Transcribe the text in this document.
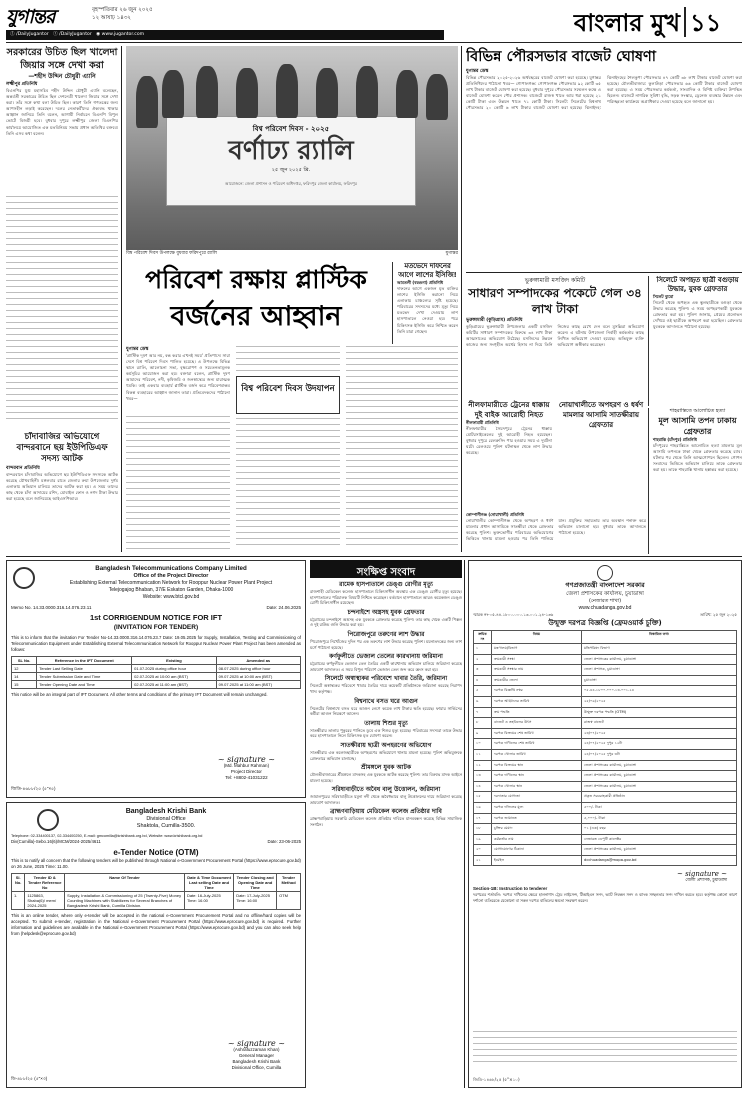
যুগান্তর	বৃহস্পতিবার ২৬ জুন ২০২৫
১২ আষাঢ় ১৪৩২
ⓕ /DailyJugantor ⓣ /DailyJugantor ◉ www.jugantor.com	বাংলার মুখ ১১
সরকারের উচিত ছিল খালেদা জিয়ার সঙ্গে দেখা করা
—শহীদ উদ্দিন চৌধুরী এ্যানি
লক্ষ্মীপুর প্রতিনিধি
বিএনপির যুগ্ম মহাসচিব শহীদ উদ্দিন চৌধুরী এ্যানি বলেছেন, অন্তর্বর্তী সরকারের উচিত ছিল দেশনেত্রী খালেদা জিয়ার সঙ্গে দেখা করা। তাঁর সঙ্গে কথা বলা উচিত ছিল। কারণ তিনি গণতন্ত্রের জন্য আপসহীন লড়াই করেছেন। দলের নেতাকর্মীদের ঐক্যবদ্ধ থাকার আহ্বান জানিয়ে তিনি বলেন, আগামী নির্বাচনে বিএনপি বিপুল ভোটে বিজয়ী হবে। বুধবার দুপুরে লক্ষ্মীপুর জেলা বিএনপির কার্যালয়ে আয়োজিত এক মতবিনিময় সভায় প্রধান অতিথির বক্তব্যে তিনি এসব কথা বলেন।
চাঁদাবাজির অভিযোগে বান্দরবানে ছয় ইউপিডিএফ সদস্য আটক
বান্দরবান প্রতিনিধি
বান্দরবানে চাঁদাবাজির অভিযোগে ছয় ইউপিডিএফ সদস্যকে আটক করেছে যৌথবাহিনী। মঙ্গলবার রাতে জেলার রুমা উপজেলার দুর্গম এলাকায় অভিযান চালিয়ে তাদের আটক করা হয়। এ সময় তাদের কাছ থেকে চাঁদা আদায়ের রশিদ, মোবাইল ফোন ও নগদ টাকা উদ্ধার করা হয়েছে বলে জানিয়েছে আইএসপিআর।
বিশ্ব পরিবেশ দিবস - ২০২৫
বর্ণাঢ্য র‌্যালি
২৫ জুন ২০২৫ খ্রি.
আয়োজনে: জেলা প্রশাসন ও পরিবেশ অধিদপ্তর, ফরিদপুর জেলা কার্যালয়, ফরিদপুর
বিশ্ব পরিবেশ দিবস উপলক্ষে বুধবার ফরিদপুরে র‌্যালি	যুগান্তর
পরিবেশ রক্ষায় প্লাস্টিক
বর্জনের আহ্বান
যুগান্তর ডেস্ক
'প্লাস্টিক দূষণ আর নয়, বন্ধ করার এখনই সময়' প্রতিপাদ্যে সারা দেশে বিশ্ব পরিবেশ দিবস পালিত হয়েছে। এ উপলক্ষে বিভিন্ন স্থানে র‌্যালি, আলোচনা সভা, বৃক্ষরোপণ ও সচেতনতামূলক কর্মসূচির আয়োজন করা হয়। বক্তারা বলেন, প্লাস্টিক দূষণ আমাদের পরিবেশ, নদী, কৃষিজমি ও জনস্বাস্থ্যের জন্য মারাত্মক হুমকি। তাই একবার ব্যবহার্য প্লাস্টিক বর্জন করে পরিবেশবান্ধব বিকল্প ব্যবহারের আহ্বান জানান তারা। প্রতিবেদকদের পাঠানো খবর—
বিশ্ব পরিবেশ দিবস উদযাপন
মতভেদে দাফনের আগে লাশের ইসিজি!
আমতলী (বরগুনা) প্রতিনিধি
দাফনের আগে একজন মৃত ব্যক্তির লাশের ইসিজি করানো নিয়ে এলাকায় চাঞ্চল্যের সৃষ্টি হয়েছে। পরিবারের সদস্যদের মধ্যে মৃত্যু নিয়ে মতভেদ দেখা দেওয়ায় লাশ হাসপাতালে নেওয়া হয়। পরে চিকিৎসক ইসিজি করে নিশ্চিত করেন তিনি মারা গেছেন।
বিভিন্ন পৌরসভার বাজেট ঘোষণা
যুগান্তর ডেস্ক
বিভিন্ন পৌরসভার ২০২৫-২০২৬ অর্থবছরের বাজেট ঘোষণা করা হয়েছে। যুগান্তর প্রতিনিধিদের পাঠানো খবর— গোপালগঞ্জ: গোপালগঞ্জ পৌরসভার ৯২ কোটি ৩৫ লাখ টাকার বাজেট ঘোষণা করা হয়েছে। বুধবার দুপুরে পৌরসভার সম্মেলন কক্ষে এ বাজেট ঘোষণা করেন পৌর প্রশাসক। বাজেটে রাজস্ব খাতে আয় ধরা হয়েছে ২১ কোটি টাকা এবং উন্নয়ন খাতে ৭১ কোটি টাকা। সিলেট: সিলেটের বিশ্বনাথ পৌরসভার ২০ কোটি ৬ লাখ টাকার বাজেট ঘোষণা করা হয়েছে। ঝিনাইদহ: ঝিনাইদহের শৈলকুপা পৌরসভার ৪৭ কোটি ৩৮ লাখ টাকার বাজেট ঘোষণা করা হয়েছে। মৌলভীবাজার: কুলাউড়া পৌরসভার ৬৬ কোটি টাকার বাজেট ঘোষণা করা হয়েছে। এ সময় পৌরসভার কর্মকর্তা, সাংবাদিক ও বিশিষ্ট ব্যক্তিরা উপস্থিত ছিলেন। বাজেটে নাগরিক সুবিধা বৃদ্ধি, সড়ক সংস্কার, ড্রেনেজ ব্যবস্থার উন্নয়ন এবং পরিচ্ছন্নতা কার্যক্রমে অগ্রাধিকার দেওয়া হয়েছে বলে জানানো হয়।
ভুরুঙ্গামারী মসজিদ কমিটি
সাধারণ সম্পাদকের পকেটে গেল ৩৪ লাখ টাকা
ভুরুঙ্গামারী (কুড়িগ্রাম) প্রতিনিধি
কুড়িগ্রামের ভুরুঙ্গামারী উপজেলার একটি মসজিদ কমিটির সাধারণ সম্পাদকের বিরুদ্ধে ৩৪ লাখ টাকা আত্মসাতের অভিযোগ উঠেছে। মসজিদের উন্নয়ন কাজের জন্য সংগৃহীত অর্থের হিসাব না দিয়ে তিনি নিজের কাছে রেখে দেন বলে মুসল্লিরা অভিযোগ করেন। এ ঘটনায় উপজেলা নির্বাহী কর্মকর্তার কাছে লিখিত অভিযোগ দেওয়া হয়েছে। অভিযুক্ত ব্যক্তি অভিযোগ অস্বীকার করেছেন।
সিলেটে অপহৃত ছাত্রী বগুড়ায় উদ্ধার, যুবক গ্রেফতার
সিলেট ব্যুরো
সিলেট থেকে অপহৃত এক স্কুলছাত্রীকে বগুড়া থেকে উদ্ধার করেছে পুলিশ। এ সময় অপহরণকারী যুবককে গ্রেফতার করা হয়। পুলিশ জানায়, প্রেমের প্রলোভন দেখিয়ে ওই ছাত্রীকে অপহরণ করা হয়েছিল। গ্রেফতার যুবককে আদালতে পাঠানো হয়েছে।
নীলফামারীতে ট্রেনের ধাক্কায় দুই বাইক আরোহী নিহত
নীলফামারী প্রতিনিধি
নীলফামারীর সৈয়দপুরে ট্রেনের ধাক্কায় মোটরসাইকেলের দুই আরোহী নিহত হয়েছেন। বুধবার দুপুরে রেলক্রসিং পার হওয়ার সময় এ দুর্ঘটনা ঘটে। রেলওয়ে পুলিশ ঘটনাস্থল থেকে লাশ উদ্ধার করেছে।
নোয়াখালীতে অপহরণ ও ধর্ষণ মামলার আসামি সাতক্ষীরায় গ্রেফতার
কোম্পানীগঞ্জ (নোয়াখালী) প্রতিনিধি
নোয়াখালীর কোম্পানীগঞ্জ থেকে অপহরণ ও ধর্ষণ মামলার প্রধান আসামিকে সাতক্ষীরা থেকে গ্রেফতার করেছে পুলিশ। ভুক্তভোগীর পরিবারের অভিযোগের ভিত্তিতে থানায় মামলা হওয়ার পর তিনি পালিয়ে যান। প্রযুক্তির সহায়তায় তার অবস্থান শনাক্ত করে অভিযান চালানো হয়। বুধবার তাকে আদালতে পাঠানো হয়েছে।
শাহরাস্তিতে আলোচিত হত্যা
মূল আসামি তপন ঢাকায় গ্রেফতার
শাহরাস্তি (চাঁদপুর) প্রতিনিধি
চাঁদপুরের শাহরাস্তিতে আলোচিত হত্যা মামলার মূল আসামি তপনকে ঢাকা থেকে গ্রেফতার করেছে র‌্যাব। ঘটনার পর থেকে তিনি আত্মগোপনে ছিলেন। গোপন সংবাদের ভিত্তিতে অভিযান চালিয়ে তাকে গ্রেফতার করা হয়। তাকে শাহরাস্তি থানায় হস্তান্তর করা হয়েছে।
Bangladesh Telecommunications Company Limited
Office of the Project Director
Establishing External Telecommunication Network for Rooppur Nuclear Power Plant Project
Telejogajog Bhaban, 37/E Eskaton Garden, Dhaka-1000
Website: www.btcl.gov.bd
Memo No. 14.33.0000.316.14.076.23.11	Date: 24.06.2025
1st CORRIGENDUM NOTICE FOR IFT
(INVITATION FOR TENDER)
This is to inform that the invitation For Tender No-14.33.0000.316.14.076.23.7 Date: 19.05.2025 for Supply, Installation, Testing and Commissioning of Telecommunication Equipment under Establishing External Telecommunication Network for Rooppur Nuclear Power Plant Project has been amended as follows:
SL No.	Reference in the IFT Document	Existing	Amended as
12	Tender Last Selling Date	01.07.2025 during office hour	08.07.2025 during office hour
14	Tender Submission Date and Time	02.07.2025 at 10:00 am (BST)	09.07.2025 at 10:00 am (BST)
15	Tender Opening Date and Time	02.07.2025 at 11:00 am (BST)	09.07.2025 at 11:00 am (BST)
This notice will be an integral part of IFT Document. All other terms and conditions of the primary IFT Document will remain unchanged.
~ signature ~
(Md. Mahbur Rahman)
Project Director
Tel: +8802-41031222
জিডি-৪৬৮৮/২৫ (৫"×৫)
Bangladesh Krishi Bank
Divisional Office
Shaktola, Cumilla-3500.
Telephone: 02-334400137, 02-334400250, E-mail: gmcomilla@krishibank.org.bd, Website: www.krishibank.org.bd
Div(Cumilla)-Sebo.16(6)/MCM/2024-2025/4611	Date: 23-06-2025
e-Tender Notice (OTM)
This is to notify all concern that the following tenders will be published through National e-Government Procurement Portal (https://www.eprocure.gov.bd) on 26 June, 2025 Time: 11.00.
Sl. No.	Tender ID & Tender Reference No	Name Of Tender	Date & Time Document Last selling Date and Time	Tender Closing and Opening Date and Time	Tender Method
1.	1125863, Shaba(6)/ mem/ 2024-2025	Supply, Installation & Commissioning of 25 (Twenty-Five) Money Counting Machines with Stabilizers for Several Branches of Bangladesh Krishi Bank, Cumilla Division.	Date: 16-July-2025 Time: 16.00	Date: 17-July-2025 Time: 16:00	OTM
This is an online tender, where only e-tender will be accepted in the national e-Government Procurement Portal and no offline/hard copies will be accepted. To submit e-tender, registration in the National e-Government Procurement Portal (https://www.eprocure.gov.bd) is required. Further information and guidelines are available in the National e-Government Procurement Portal (https://www.eprocure.gov.bd) and you can also seek help from (helpdesk@eprocure.gov.bd)
~ signature ~
(Ashrafuzzaman Khan)
General Manager
Bangladesh Krishi Bank
Divisional Office, Cumilla
ডি-৪৮৮/২৫ (৫"×৩)
সংক্ষিপ্ত সংবাদ
রামেক হাসপাতালে ডেঙ্গু রোগীর মৃত্যু
রাজশাহী মেডিকেল কলেজ হাসপাতালে চিকিৎসাধীন অবস্থায় এক ডেঙ্গু রোগীর মৃত্যু হয়েছে। হাসপাতালের পরিচালক বিষয়টি নিশ্চিত করেছেন। বর্তমানে হাসপাতালে আরও কয়েকজন ডেঙ্গু রোগী চিকিৎসাধীন রয়েছেন।
চন্দনাইশে অস্ত্রসহ যুবক গ্রেফতার
চট্টগ্রামের চন্দনাইশে অস্ত্রসহ এক যুবককে গ্রেফতার করেছে পুলিশ। তার কাছ থেকে একটি পিস্তল ও দুই রাউন্ড গুলি উদ্ধার করা হয়।
পিরোজপুরে তরুণের লাশ উদ্ধার
পিরোজপুরে নিখোঁজের দুদিন পর এক তরুণের লাশ উদ্ধার করেছে পুলিশ। ময়নাতদন্তের জন্য লাশ মর্গে পাঠানো হয়েছে।
কর্ণফুলীতে ভেজাল তেলের কারখানায় জরিমানা
চট্টগ্রামের কর্ণফুলীতে ভেজাল তেল তৈরির একটি কারখানায় অভিযান চালিয়ে জরিমানা করেছে ভ্রাম্যমাণ আদালত। এ সময় বিপুল পরিমাণ ভেজাল তেল জব্দ করে ধ্বংস করা হয়।
সিলেটে অস্বাস্থ্যকর পরিবেশে খাবার তৈরি, জরিমানা
সিলেটে অস্বাস্থ্যকর পরিবেশে খাবার তৈরির দায়ে কয়েকটি প্রতিষ্ঠানকে জরিমানা করেছে নিরাপদ খাদ্য কর্তৃপক্ষ।
বিশ্বনাথে বসত ঘরে আগুন
সিলেটের বিশ্বনাথে বসত ঘরে আগুন লেগে কয়েক লাখ টাকার ক্ষতি হয়েছে। ফায়ার সার্ভিসের কর্মীরা আগুন নিয়ন্ত্রণে আনেন।
তালায় শিশুর মৃত্যু
সাতক্ষীরার তালায় পুকুরের পানিতে ডুবে এক শিশুর মৃত্যু হয়েছে। পরিবারের সদস্যরা তাকে উদ্ধার করে হাসপাতালে নিলে চিকিৎসক মৃত ঘোষণা করেন।
সাতক্ষীরায় ছাত্রী অপহরণের অভিযোগ
সাতক্ষীরায় এক কলেজছাত্রীকে অপহরণের অভিযোগে থানায় মামলা হয়েছে। পুলিশ অভিযুক্তকে গ্রেফতারে অভিযান চালাচ্ছে।
শ্রীমঙ্গলে যুবক আটক
মৌলভীবাজারের শ্রীমঙ্গলে মাদকসহ এক যুবককে আটক করেছে পুলিশ। তার বিরুদ্ধে মাদক আইনে মামলা হয়েছে।
সরিষাবাড়ীতে অবৈধ বালু উত্তোলন, জরিমানা
জামালপুরের সরিষাবাড়ীতে যমুনা নদী থেকে অবৈধভাবে বালু উত্তোলনের দায়ে জরিমানা করেছে ভ্রাম্যমাণ আদালত।
ব্রাহ্মণবাড়িয়ায় মেডিকেল কলেজ প্রতিষ্ঠার দাবি
ব্রাহ্মণবাড়িয়ায় সরকারি মেডিকেল কলেজ প্রতিষ্ঠার দাবিতে মানববন্ধন করেছে বিভিন্ন সামাজিক সংগঠন।
গণপ্রজাতন্ত্রী বাংলাদেশ সরকার
জেলা প্রশাসকের কার্যালয়, চুয়াডাঙ্গা
(নেজারত শাখা)
www.chuadanga.gov.bd
স্মারক নং-০৫.৪৪.১৮০০.০০০.১৩.০০১.২৪-১৩৬	তারিখ: ২৫ জুন ২০২৫
উন্মুক্ত দরপত্র বিজ্ঞপ্তি (ফ্রেমওয়ার্ক চুক্তি)
ক্রমিক নং	বিষয়	বিস্তারিত তথ্য
১	মন্ত্রণালয়/বিভাগ	মন্ত্রিপরিষদ বিভাগ
২	ক্রয়কারী সংস্থা	জেলা প্রশাসকের কার্যালয়, চুয়াডাঙ্গা
৩	ক্রয়কারী সংস্থার নাম	জেলা প্রশাসক, চুয়াডাঙ্গা
৪	ক্রয়কারীর জেলা	চুয়াডাঙ্গা
৫	দরপত্র বিজ্ঞপ্তি নম্বর	০৫.৪৪.১৮০০.০০০.১৩.০০১.২৪
৬	দরপত্র আহ্বানের তারিখ	২৫/০৬/২০২৫
৭	ক্রয় পদ্ধতি	উন্মুক্ত দরপত্র পদ্ধতি (OTM)
৮	বাজেট ও তহবিলের উৎস	রাজস্ব বাজেট
৯	দরপত্র বিক্রয়ের শেষ তারিখ	২৩/০৭/২০২৫
১০	দরপত্র দাখিলের শেষ তারিখ	২৪/০৭/২০২৫ দুপুর ১২টা
১১	দরপত্র খোলার তারিখ	২৪/০৭/২০২৫ দুপুর ৩টা
১২	দরপত্র বিক্রয়ের স্থান	জেলা প্রশাসকের কার্যালয়, চুয়াডাঙ্গা
১৩	দরপত্র দাখিলের স্থান	জেলা প্রশাসকের কার্যালয়, চুয়াডাঙ্গা
১৪	দরপত্র খোলার স্থান	জেলা প্রশাসকের কার্যালয়, চুয়াডাঙ্গা
১৫	দরদাতার যোগ্যতা	প্রকৃত সরবরাহকারী প্রতিষ্ঠান
১৬	দরপত্র দলিলের মূল্য	৫০০/- টাকা
১৭	দরপত্র জামানত	৫,০০০/- টাকা
১৮	চুক্তির মেয়াদ	০১ (এক) বছর
১৯	কর্মকর্তার নাম	নেজারত ডেপুটি কালেক্টর
২০	যোগাযোগের ঠিকানা	জেলা প্রশাসকের কার্যালয়, চুয়াডাঙ্গা
২১	ইমেইল	dcchuadanga@mopa.gov.bd
~ signature ~
জেলা প্রশাসক, চুয়াডাঙ্গা
Section-1B: Instruction to tenderer
দরপত্রের শর্তাবলি: দরপত্র দাখিলের ক্ষেত্রে হালনাগাদ ট্রেড লাইসেন্স, টিআইএন সনদ, ভ্যাট নিবন্ধন সনদ ও ব্যাংক সচ্ছলতার সনদ দাখিল করতে হবে। কর্তৃপক্ষ কোনো কারণ দর্শানো ব্যতিরেকে যেকোনো বা সকল দরপত্র বাতিলের ক্ষমতা সংরক্ষণ করেন।
জিডি-১৪৬৮/২৫ (৫"×১০)
